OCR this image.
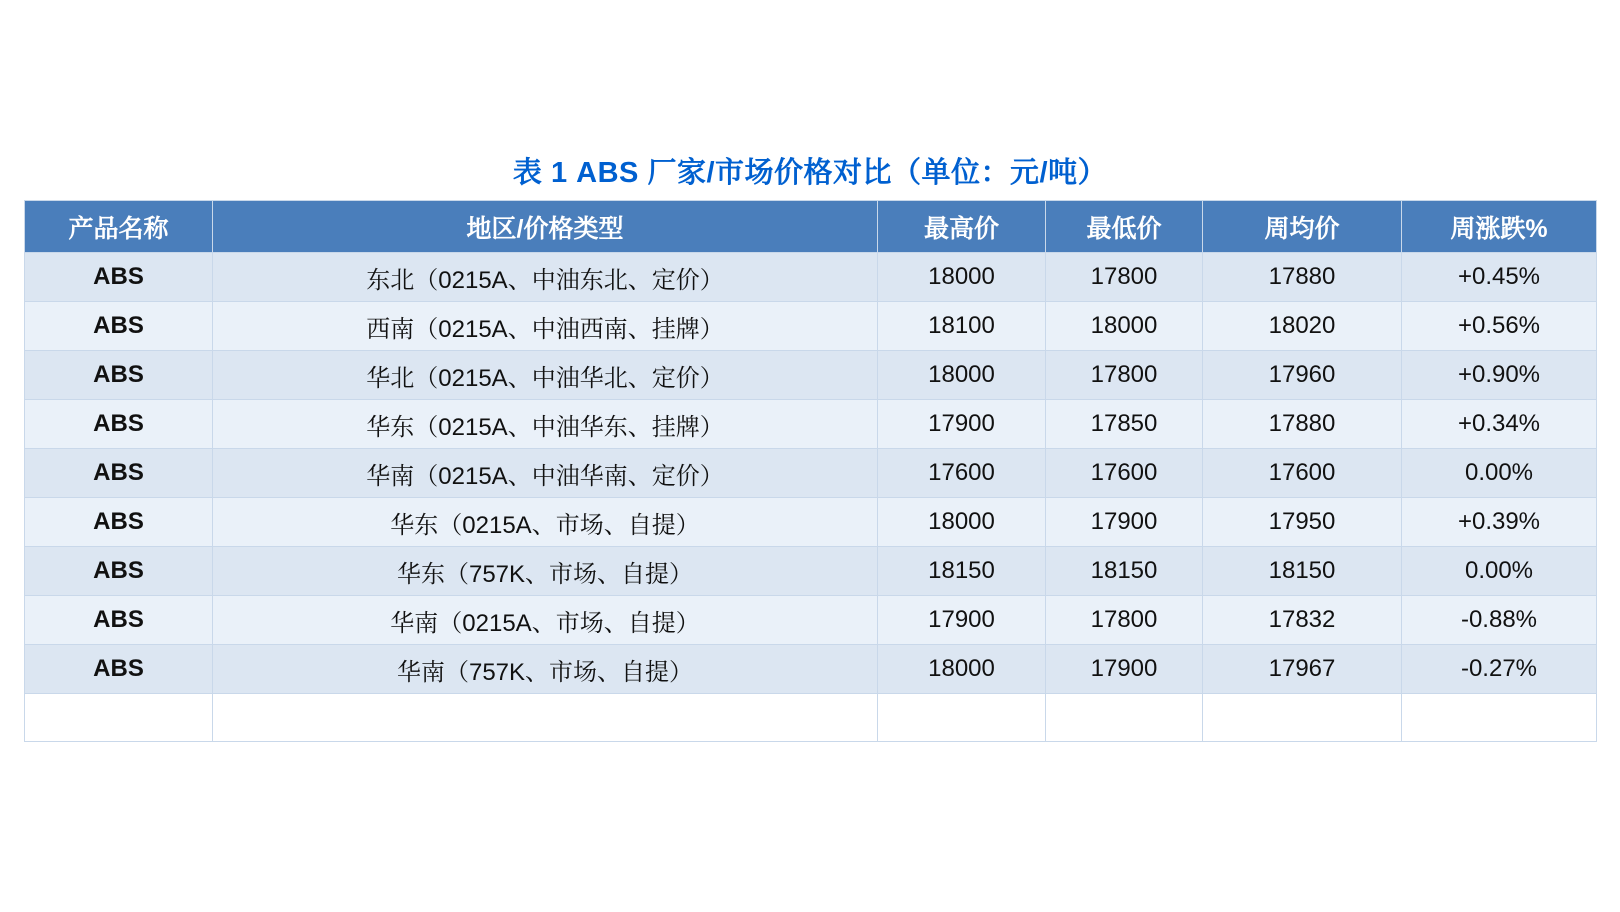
表 1 ABS 厂家/市场价格对比（单位：元/吨）
产品名称	地区/价格类型	最高价	最低价	周均价	周涨跌%
ABS	东北（0215A、中油东北、定价）	18000	17800	17880	+0.45%
ABS	西南（0215A、中油西南、挂牌）	18100	18000	18020	+0.56%
ABS	华北（0215A、中油华北、定价）	18000	17800	17960	+0.90%
ABS	华东（0215A、中油华东、挂牌）	17900	17850	17880	+0.34%
ABS	华南（0215A、中油华南、定价）	17600	17600	17600	0.00%
ABS	华东（0215A、市场、自提）	18000	17900	17950	+0.39%
ABS	华东（757K、市场、自提）	18150	18150	18150	0.00%
ABS	华南（0215A、市场、自提）	17900	17800	17832	-0.88%
ABS	华南（757K、市场、自提）	18000	17900	17967	-0.27%
